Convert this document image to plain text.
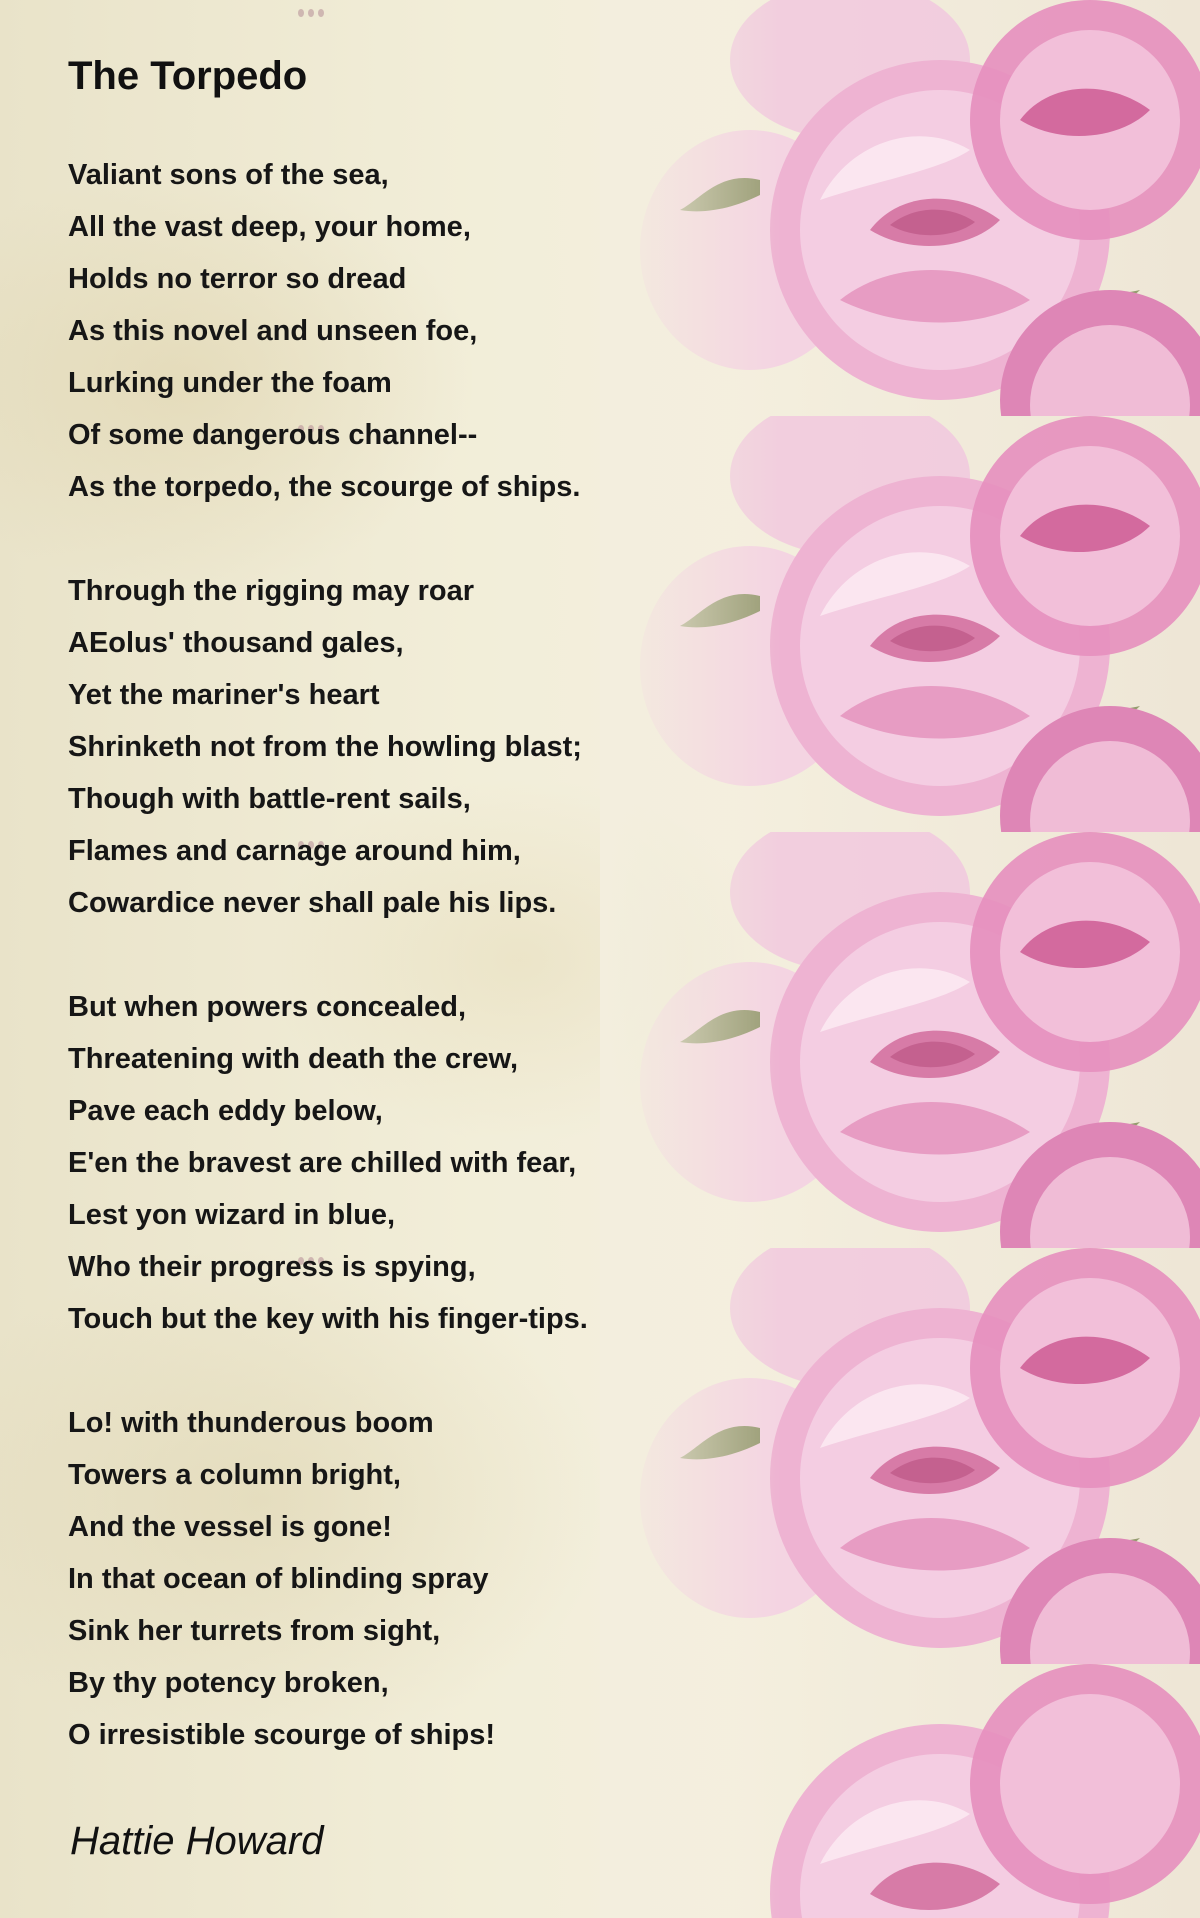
The Torpedo
Valiant sons of the sea,
All the vast deep, your home,
Holds no terror so dread
As this novel and unseen foe,
Lurking under the foam
Of some dangerous channel--
As the torpedo, the scourge of ships.
Through the rigging may roar
AEolus' thousand gales,
Yet the mariner's heart
Shrinketh not from the howling blast;
Though with battle-rent sails,
Flames and carnage around him,
Cowardice never shall pale his lips.
But when powers concealed,
Threatening with death the crew,
Pave each eddy below,
E'en the bravest are chilled with fear,
Lest yon wizard in blue,
Who their progress is spying,
Touch but the key with his finger-tips.
Lo! with thunderous boom
Towers a column bright,
And the vessel is gone!
In that ocean of blinding spray
Sink her turrets from sight,
By thy potency broken,
O irresistible scourge of ships!
Hattie Howard
